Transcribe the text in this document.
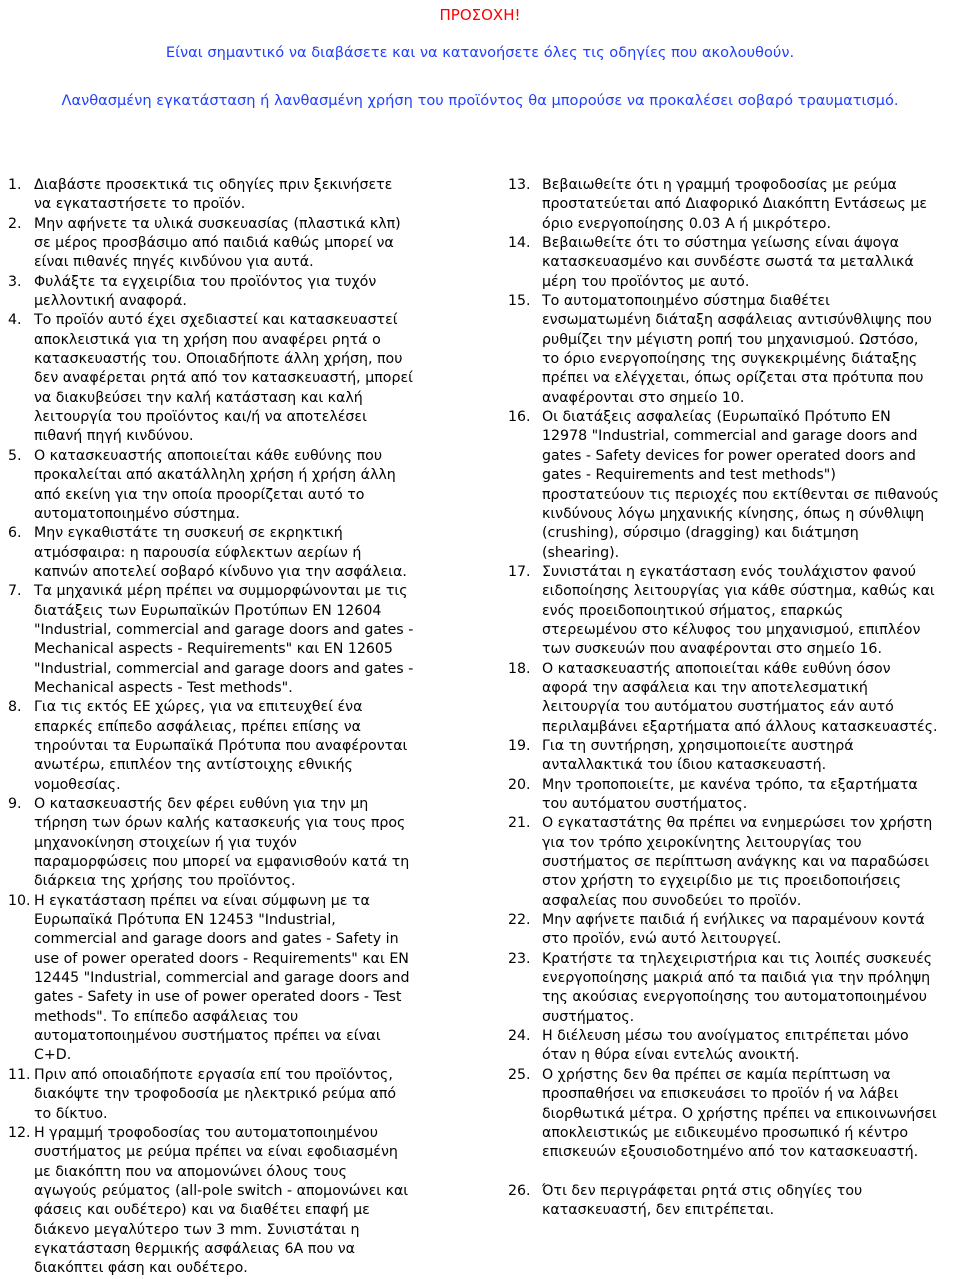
ΠΡΟΣΟΧΗ!
Είναι σημαντικό να διαβάσετε και να κατανοήσετε όλες τις οδηγίες που ακολουθούν.
Λανθασμένη εγκατάσταση ή λανθασμένη χρήση του προϊόντος θα μπορούσε να προκαλέσει σοβαρό τραυματισμό.
1. Διαβάστε προσεκτικά τις οδηγίες πριν ξεκινήσετε
να εγκαταστήσετε το προϊόν.
2. Μην αφήνετε τα υλικά συσκευασίας (πλαστικά κλπ)
σε μέρος προσβάσιμο από παιδιά καθώς μπορεί να
είναι πιθανές πηγές κινδύνου για αυτά.
3. Φυλάξτε τα εγχειρίδια του προϊόντος για τυχόν
μελλοντική αναφορά.
4. Το προϊόν αυτό έχει σχεδιαστεί και κατασκευαστεί
αποκλειστικά για τη χρήση που αναφέρει ρητά ο
κατασκευαστής του. Οποιαδήποτε άλλη χρήση, που
δεν αναφέρεται ρητά από τον κατασκευαστή, μπορεί
να διακυβεύσει την καλή κατάσταση και καλή
λειτουργία του προϊόντος και/ή να αποτελέσει
πιθανή πηγή κινδύνου.
5. Ο κατασκευαστής αποποιείται κάθε ευθύνης που
προκαλείται από ακατάλληλη χρήση ή χρήση άλλη
από εκείνη για την οποία προορίζεται αυτό το
αυτοματοποιημένο σύστημα.
6. Μην εγκαθιστάτε τη συσκευή σε εκρηκτική
ατμόσφαιρα: η παρουσία εύφλεκτων αερίων ή
καπνών αποτελεί σοβαρό κίνδυνο για την ασφάλεια.
7. Τα μηχανικά μέρη πρέπει να συμμορφώνονται με τις
διατάξεις των Ευρωπαϊκών Προτύπων EN 12604
"Industrial, commercial and garage doors and gates -
Mechanical aspects - Requirements" και EN 12605
"Industrial, commercial and garage doors and gates -
Mechanical aspects - Test methods".
8. Για τις εκτός ΕΕ χώρες, για να επιτευχθεί ένα
επαρκές επίπεδο ασφάλειας, πρέπει επίσης να
τηρούνται τα Ευρωπαϊκά Πρότυπα που αναφέρονται
ανωτέρω, επιπλέον της αντίστοιχης εθνικής
νομοθεσίας.
9. Ο κατασκευαστής δεν φέρει ευθύνη για την μη
τήρηση των όρων καλής κατασκευής για τους προς
μηχανοκίνηση στοιχείων ή για τυχόν
παραμορφώσεις που μπορεί να εμφανισθούν κατά τη
διάρκεια της χρήσης του προϊόντος.
10. Η εγκατάσταση πρέπει να είναι σύμφωνη με τα
Ευρωπαϊκά Πρότυπα EN 12453 "Industrial,
commercial and garage doors and gates - Safety in
use of power operated doors - Requirements" και EN
12445 "Industrial, commercial and garage doors and
gates - Safety in use of power operated doors - Test
methods". Το επίπεδο ασφάλειας του
αυτοματοποιημένου συστήματος πρέπει να είναι
C+D.
11. Πριν από οποιαδήποτε εργασία επί του προϊόντος,
διακόψτε την τροφοδοσία με ηλεκτρικό ρεύμα από
το δίκτυο.
12. Η γραμμή τροφοδοσίας του αυτοματοποιημένου
συστήματος με ρεύμα πρέπει να είναι εφοδιασμένη
με διακόπτη που να απομονώνει όλους τους
αγωγούς ρεύματος (all-pole switch - απομονώνει και
φάσεις και ουδέτερο) και να διαθέτει επαφή με
διάκενο μεγαλύτερο των 3 mm. Συνιστάται η
εγκατάσταση θερμικής ασφάλειας 6A που να
διακόπτει φάση και ουδέτερο.
13. Βεβαιωθείτε ότι η γραμμή τροφοδοσίας με ρεύμα
προστατεύεται από Διαφορικό Διακόπτη Εντάσεως με
όριο ενεργοποίησης 0.03 A ή μικρότερο.
14. Βεβαιωθείτε ότι το σύστημα γείωσης είναι άψογα
κατασκευασμένο και συνδέστε σωστά τα μεταλλικά
μέρη του προϊόντος με αυτό.
15. Το αυτοματοποιημένο σύστημα διαθέτει
ενσωματωμένη διάταξη ασφάλειας αντισύνθλιψης που
ρυθμίζει την μέγιστη ροπή του μηχανισμού. Ωστόσο,
το όριο ενεργοποίησης της συγκεκριμένης διάταξης
πρέπει να ελέγχεται, όπως ορίζεται στα πρότυπα που
αναφέρονται στο σημείο 10.
16. Οι διατάξεις ασφαλείας (Ευρωπαϊκό Πρότυπο EN
12978 "Industrial, commercial and garage doors and
gates - Safety devices for power operated doors and
gates - Requirements and test methods")
προστατεύουν τις περιοχές που εκτίθενται σε πιθανούς
κινδύνους λόγω μηχανικής κίνησης, όπως η σύνθλιψη
(crushing), σύρσιμο (dragging) και διάτμηση
(shearing).
17. Συνιστάται η εγκατάσταση ενός τουλάχιστον φανού
ειδοποίησης λειτουργίας για κάθε σύστημα, καθώς και
ενός προειδοποιητικού σήματος, επαρκώς
στερεωμένου στο κέλυφος του μηχανισμού, επιπλέον
των συσκευών που αναφέρονται στο σημείο 16.
18. Ο κατασκευαστής αποποιείται κάθε ευθύνη όσον
αφορά την ασφάλεια και την αποτελεσματική
λειτουργία του αυτόματου συστήματος εάν αυτό
περιλαμβάνει εξαρτήματα από άλλους κατασκευαστές.
19. Για τη συντήρηση, χρησιμοποιείτε αυστηρά
ανταλλακτικά του ίδιου κατασκευαστή.
20. Μην τροποποιείτε, με κανένα τρόπο, τα εξαρτήματα
του αυτόματου συστήματος.
21. Ο εγκαταστάτης θα πρέπει να ενημερώσει τον χρήστη
για τον τρόπο χειροκίνητης λειτουργίας του
συστήματος σε περίπτωση ανάγκης και να παραδώσει
στον χρήστη το εγχειρίδιο με τις προειδοποιήσεις
ασφαλείας που συνοδεύει το προϊόν.
22. Μην αφήνετε παιδιά ή ενήλικες να παραμένουν κοντά
στο προϊόν, ενώ αυτό λειτουργεί.
23. Κρατήστε τα τηλεχειριστήρια και τις λοιπές συσκευές
ενεργοποίησης μακριά από τα παιδιά για την πρόληψη
της ακούσιας ενεργοποίησης του αυτοματοποιημένου
συστήματος.
24. Η διέλευση μέσω του ανοίγματος επιτρέπεται μόνο
όταν η θύρα είναι εντελώς ανοικτή.
25. Ο χρήστης δεν θα πρέπει σε καμία περίπτωση να
προσπαθήσει να επισκευάσει το προϊόν ή να λάβει
διορθωτικά μέτρα. Ο χρήστης πρέπει να επικοινωνήσει
αποκλειστικώς με ειδικευμένο προσωπικό ή κέντρο
επισκευών εξουσιοδοτημένο από τον κατασκευαστή.
26. Ότι δεν περιγράφεται ρητά στις οδηγίες του
κατασκευαστή, δεν επιτρέπεται.
